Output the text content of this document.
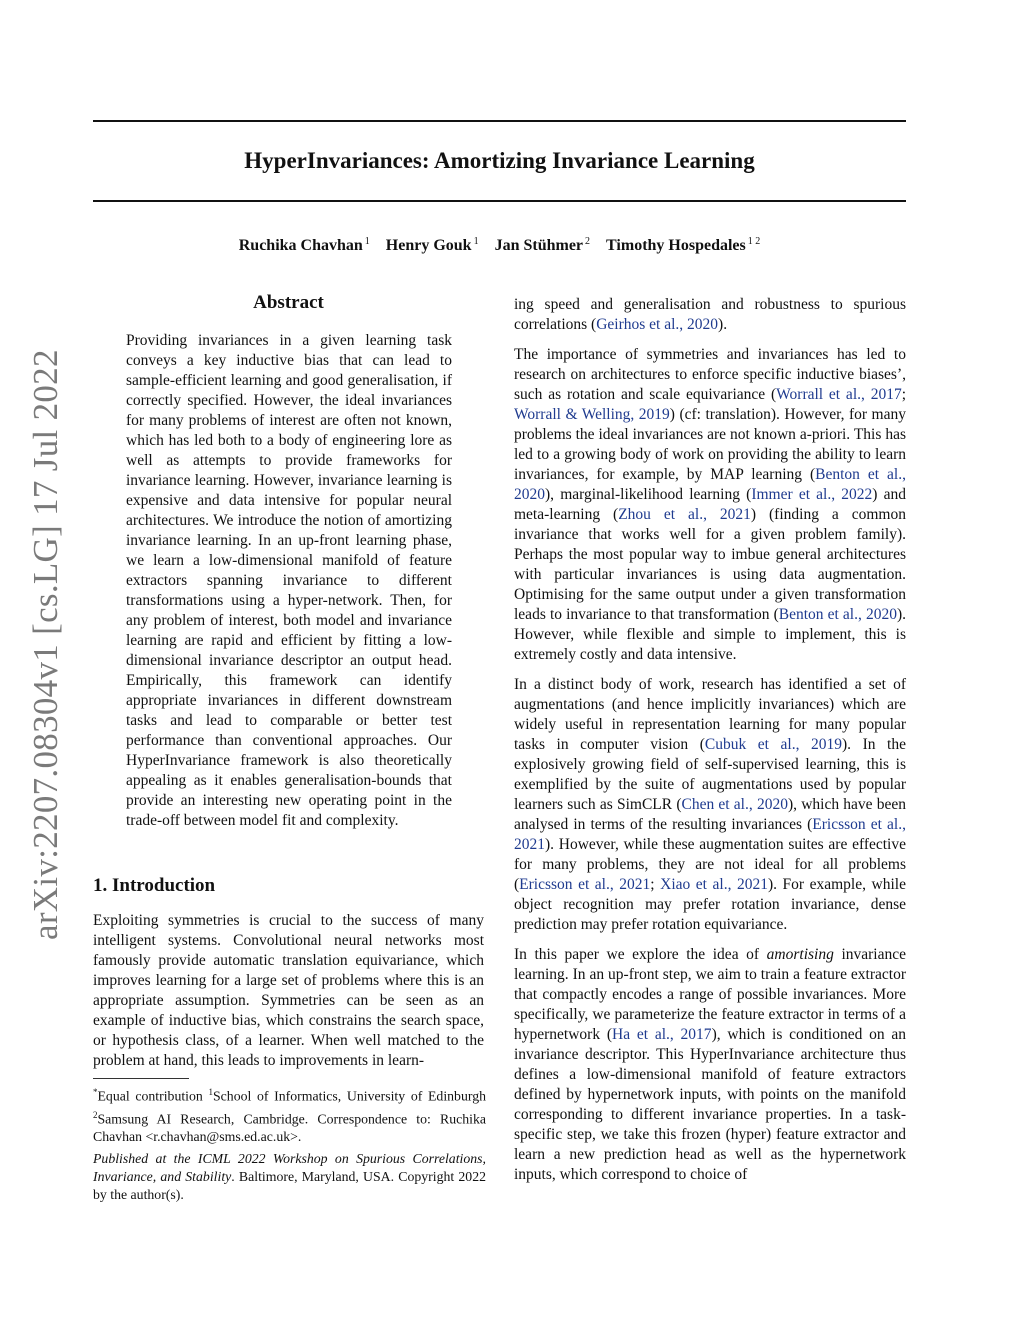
arXiv:2207.08304v1 [cs.LG] 17 Jul 2022
HyperInvariances: Amortizing Invariance Learning
Ruchika Chavhan $^1$ Henry Gouk $^1$ Jan Stühmer $^2$ Timothy Hospedales $^{1 2}$
Abstract
Providing invariances in a given learning task conveys a key inductive bias that can lead to sample-efficient learning and good generalisation, if correctly specified. However, the ideal invariances for many problems of interest are often not known, which has led both to a body of engineering lore as well as attempts to provide frameworks for invariance learning. However, invariance learning is expensive and data intensive for popular neural architectures. We introduce the notion of amortizing invariance learning. In an up-front learning phase, we learn a low-dimensional manifold of feature extractors spanning invariance to different transformations using a hyper-network. Then, for any problem of interest, both model and invariance learning are rapid and efficient by fitting a low-dimensional invariance descriptor an output head. Empirically, this framework can identify appropriate invariances in different downstream tasks and lead to comparable or better test performance than conventional approaches. Our HyperInvariance framework is also theoretically appealing as it enables generalisation-bounds that provide an interesting new operating point in the trade-off between model fit and complexity.
1. Introduction
Exploiting symmetries is crucial to the success of many intelligent systems. Convolutional neural networks most famously provide automatic translation equivariance, which improves learning for a large set of problems where this is an appropriate assumption. Symmetries can be seen as an example of inductive bias, which constrains the search space, or hypothesis class, of a learner. When well matched to the problem at hand, this leads to improvements in learn-
*Equal contribution $^1$School of Informatics, University of Edinburgh $^2$Samsung AI Research, Cambridge. Correspondence to: Ruchika Chavhan <r.chavhan@sms.ed.ac.uk>.
Published at the ICML 2022 Workshop on Spurious Correlations, Invariance, and Stability. Baltimore, Maryland, USA. Copyright 2022 by the author(s).

ing speed and generalisation and robustness to spurious correlations (Geirhos et al., 2020).

The importance of symmetries and invariances has led to research on architectures to enforce specific inductive biases’, such as rotation and scale equivariance (Worrall et al., 2017; Worrall & Welling, 2019) (cf: translation). However, for many problems the ideal invariances are not known a-priori. This has led to a growing body of work on providing the ability to learn invariances, for example, by MAP learning (Benton et al., 2020), marginal-likelihood learning (Immer et al., 2022) and meta-learning (Zhou et al., 2021) (finding a common invariance that works well for a given problem family). Perhaps the most popular way to imbue general architectures with particular invariances is using data augmentation. Optimising for the same output under a given transformation leads to invariance to that transformation (Benton et al., 2020). However, while flexible and simple to implement, this is extremely costly and data intensive.

In a distinct body of work, research has identified a set of augmentations (and hence implicitly invariances) which are widely useful in representation learning for many popular tasks in computer vision (Cubuk et al., 2019). In the explosively growing field of self-supervised learning, this is exemplified by the suite of augmentations used by popular learners such as SimCLR (Chen et al., 2020), which have been analysed in terms of the resulting invariances (Ericsson et al., 2021). However, while these augmentation suites are effective for many problems, they are not ideal for all problems (Ericsson et al., 2021; Xiao et al., 2021). For example, while object recognition may prefer rotation invariance, dense prediction may prefer rotation equivariance.

In this paper we explore the idea of amortising invariance learning. In an up-front step, we aim to train a feature extractor that compactly encodes a range of possible invariances. More specifically, we parameterize the feature extractor in terms of a hypernetwork (Ha et al., 2017), which is conditioned on an invariance descriptor. This HyperInvariance architecture thus defines a low-dimensional manifold of feature extractors defined by hypernetwork inputs, with points on the manifold corresponding to different invariance properties. In a task-specific step, we take this frozen (hyper) feature extractor and learn a new prediction head as well as the hypernetwork inputs, which correspond to choice of
